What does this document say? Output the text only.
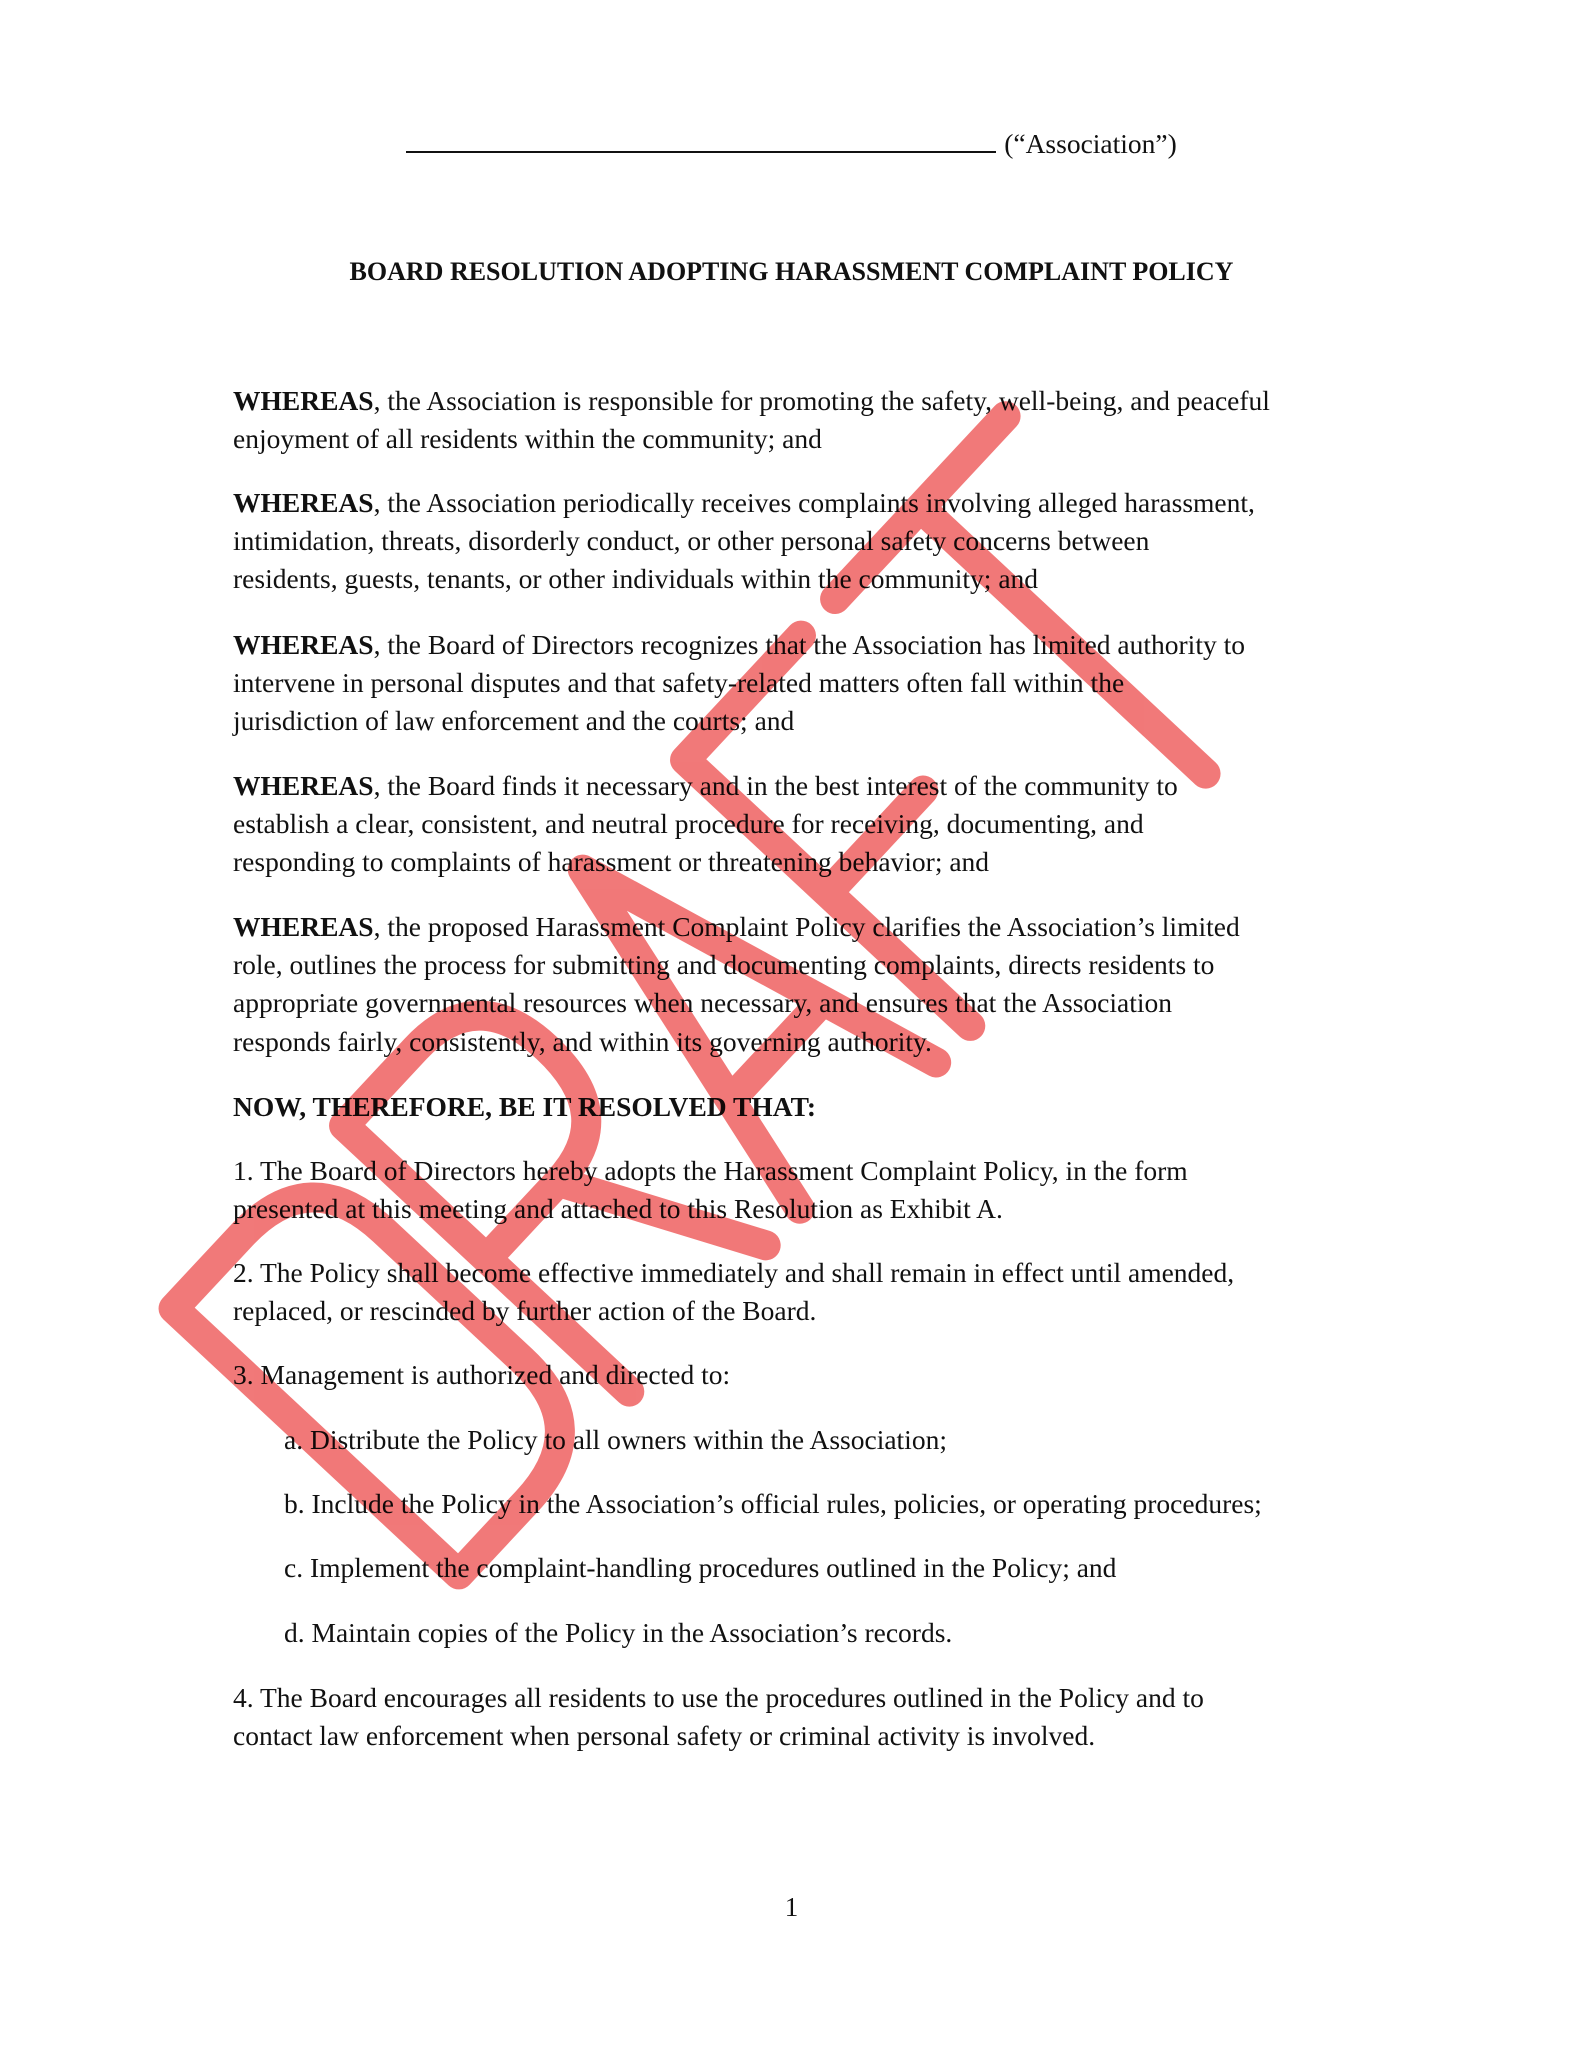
(“Association”)
BOARD RESOLUTION ADOPTING HARASSMENT COMPLAINT POLICY
WHEREAS, the Association is responsible for promoting the safety, well-being, and peaceful
enjoyment of all residents within the community; and
WHEREAS, the Association periodically receives complaints involving alleged harassment,
intimidation, threats, disorderly conduct, or other personal safety concerns between
residents, guests, tenants, or other individuals within the community; and
WHEREAS, the Board of Directors recognizes that the Association has limited authority to
intervene in personal disputes and that safety-related matters often fall within the
jurisdiction of law enforcement and the courts; and
WHEREAS, the Board finds it necessary and in the best interest of the community to
establish a clear, consistent, and neutral procedure for receiving, documenting, and
responding to complaints of harassment or threatening behavior; and
WHEREAS, the proposed Harassment Complaint Policy clarifies the Association’s limited
role, outlines the process for submitting and documenting complaints, directs residents to
appropriate governmental resources when necessary, and ensures that the Association
responds fairly, consistently, and within its governing authority.
NOW, THEREFORE, BE IT RESOLVED THAT:
1. The Board of Directors hereby adopts the Harassment Complaint Policy, in the form
presented at this meeting and attached to this Resolution as Exhibit A.
2. The Policy shall become effective immediately and shall remain in effect until amended,
replaced, or rescinded by further action of the Board.
3. Management is authorized and directed to:
a. Distribute the Policy to all owners within the Association;
b. Include the Policy in the Association’s official rules, policies, or operating procedures;
c. Implement the complaint-handling procedures outlined in the Policy; and
d. Maintain copies of the Policy in the Association’s records.
4. The Board encourages all residents to use the procedures outlined in the Policy and to
contact law enforcement when personal safety or criminal activity is involved.
1
